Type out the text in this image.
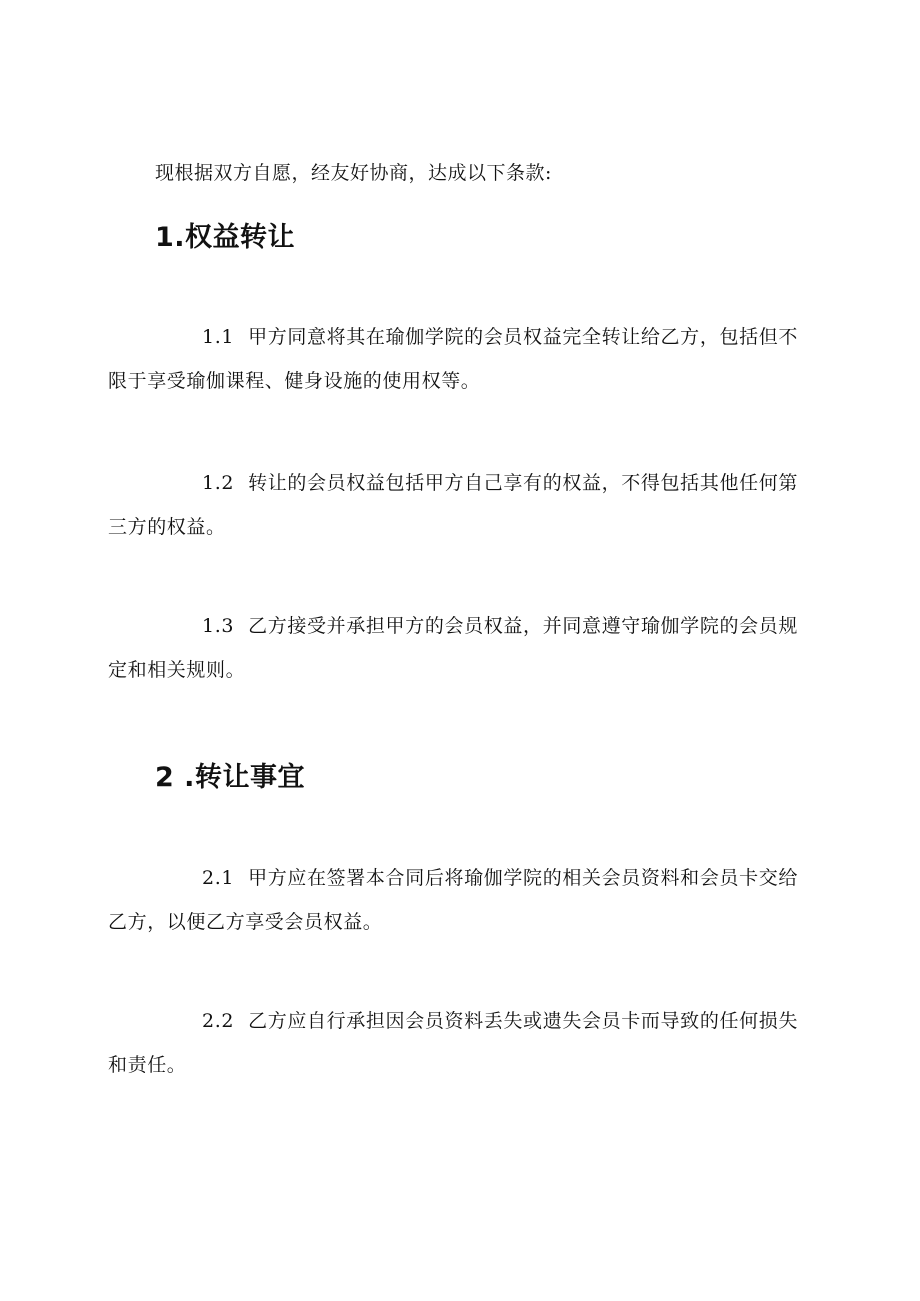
现根据双方自愿，经友好协商，达成以下条款:

1.权益转让

1.1 甲方同意将其在瑜伽学院的会员权益完全转让给乙方，包括但不限于享受瑜伽课程、健身设施的使用权等。

1.2 转让的会员权益包括甲方自己享有的权益，不得包括其他任何第三方的权益。

1.3 乙方接受并承担甲方的会员权益，并同意遵守瑜伽学院的会员规定和相关规则。

2 .转让事宜

2.1 甲方应在签署本合同后将瑜伽学院的相关会员资料和会员卡交给乙方，以便乙方享受会员权益。

2.2 乙方应自行承担因会员资料丢失或遗失会员卡而导致的任何损失和责任。
